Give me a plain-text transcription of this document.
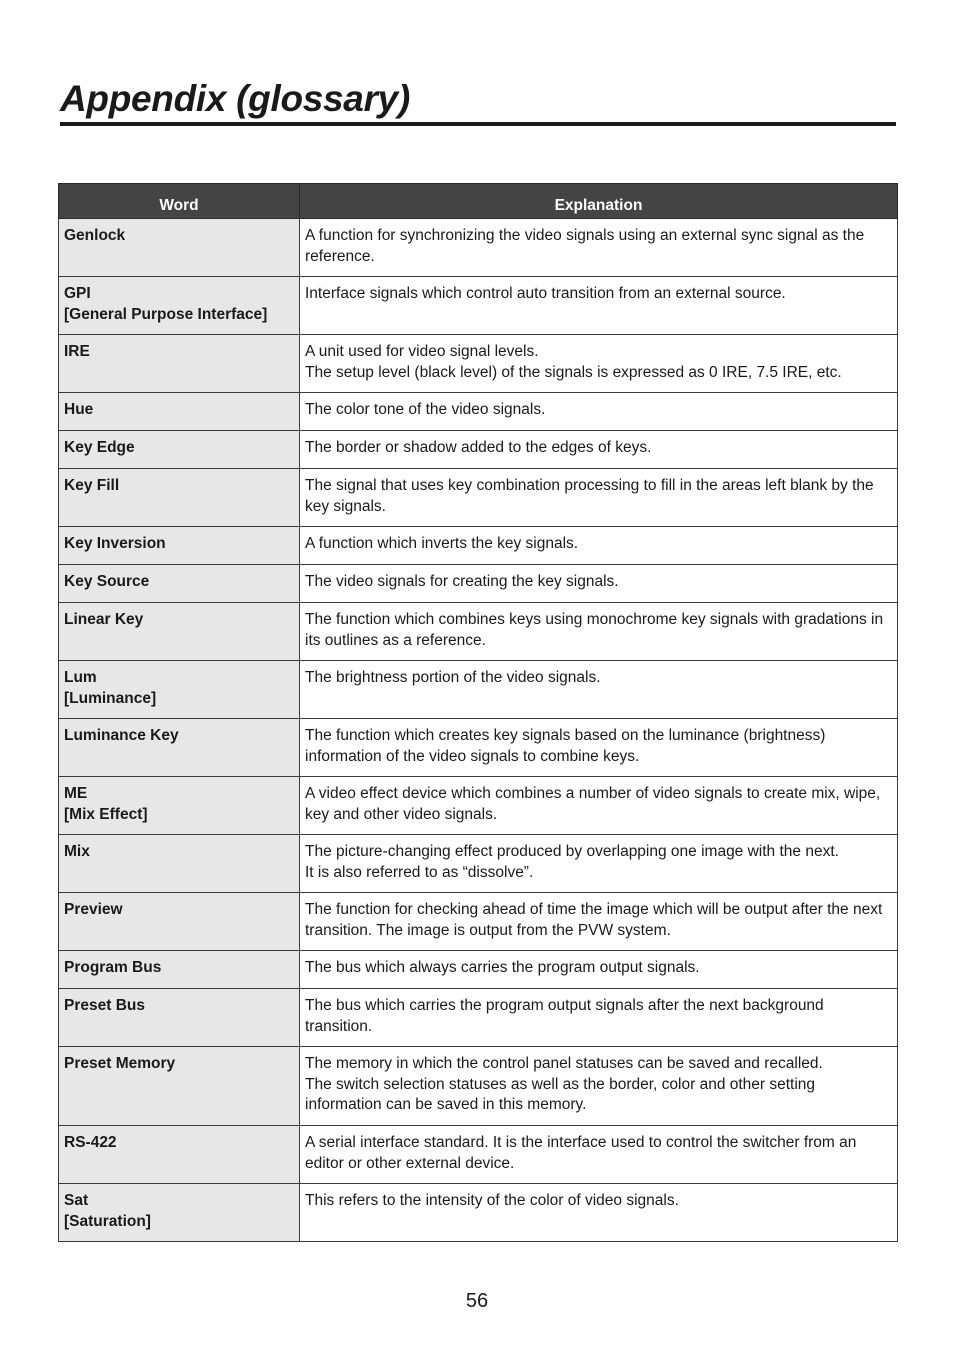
Appendix (glossary)
Word	Explanation
Genlock	A function for synchronizing the video signals using an external sync signal as the reference.
GPI
[General Purpose Interface]	Interface signals which control auto transition from an external source.
IRE	A unit used for video signal levels.
The setup level (black level) of the signals is expressed as 0 IRE, 7.5 IRE, etc.
Hue	The color tone of the video signals.
Key Edge	The border or shadow added to the edges of keys.
Key Fill	The signal that uses key combination processing to fill in the areas left blank by the key signals.
Key Inversion	A function which inverts the key signals.
Key Source	The video signals for creating the key signals.
Linear Key	The function which combines keys using monochrome key signals with gradations in its outlines as a reference.
Lum
[Luminance]	The brightness portion of the video signals.
Luminance Key	The function which creates key signals based on the luminance (brightness) information of the video signals to combine keys.
ME
[Mix Effect]	A video effect device which combines a number of video signals to create mix, wipe, key and other video signals.
Mix	The picture-changing effect produced by overlapping one image with the next.
It is also referred to as “dissolve”.
Preview	The function for checking ahead of time the image which will be output after the next transition. The image is output from the PVW system.
Program Bus	The bus which always carries the program output signals.
Preset Bus	The bus which carries the program output signals after the next background transition.
Preset Memory	The memory in which the control panel statuses can be saved and recalled.
The switch selection statuses as well as the border, color and other setting information can be saved in this memory.
RS-422	A serial interface standard. It is the interface used to control the switcher from an editor or other external device.
Sat
[Saturation]	This refers to the intensity of the color of video signals.
56
